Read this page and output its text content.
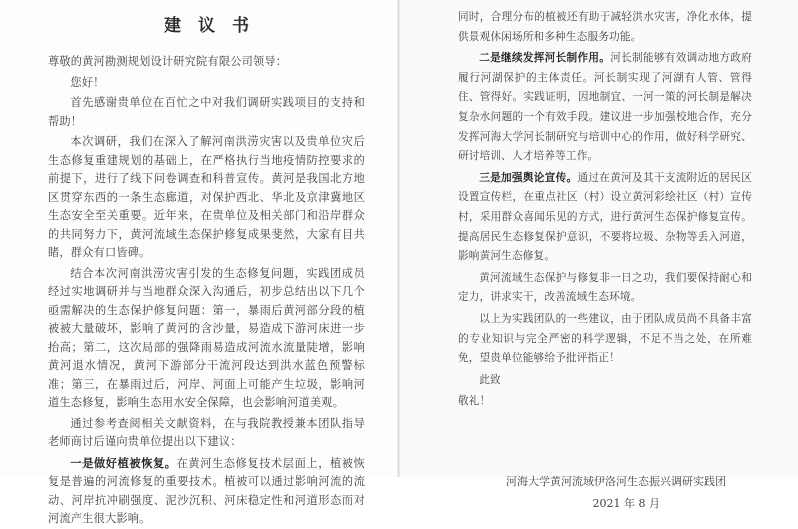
建　议　书

尊敬的黄河勘测规划设计研究院有限公司领导：

您好！

首先感谢贵单位在百忙之中对我们调研实践项目的支持和帮助！

本次调研，我们在深入了解河南洪涝灾害以及贵单位灾后生态修复重建规划的基础上，在严格执行当地疫情防控要求的前提下，进行了线下问卷调查和科普宣传。黄河是我国北方地区贯穿东西的一条生态廊道，对保护西北、华北及京津冀地区生态安全至关重要。近年来，在贵单位及相关部门和沿岸群众的共同努力下，黄河流域生态保护修复成果斐然，大家有目共睹，群众有口皆碑。

结合本次河南洪涝灾害引发的生态修复问题，实践团成员经过实地调研并与当地群众深入沟通后，初步总结出以下几个亟需解决的生态保护修复问题：第一，暴雨后黄河部分段的植被被大量破坏，影响了黄河的含沙量，易造成下游河床进一步抬高；第二，这次局部的强降雨易造成河流水流量陡增，影响黄河退水情况，黄河下游部分干流河段达到洪水蓝色预警标准；第三，在暴雨过后，河岸、河面上可能产生垃圾，影响河道生态修复，影响生态用水安全保障，也会影响河道美观。

通过参考查阅相关文献资料，在与我院教授兼本团队指导老师商讨后谨向贵单位提出以下建议：

一是做好植被恢复。在黄河生态修复技术层面上，植被恢复是普遍的河流修复的重要技术。植被可以通过影响河流的流动、河岸抗冲刷强度、泥沙沉积、河床稳定性和河道形态而对河流产生很大影响。

同时，合理分布的植被还有助于减轻洪水灾害，净化水体，提供景观休闲场所和多种生态服务功能。

二是继续发挥河长制作用。河长制能够有效调动地方政府履行河湖保护的主体责任。河长制实现了河湖有人管、管得住、管得好。实践证明，因地制宜、一河一策的河长制是解决复杂水问题的一个有效手段。建议进一步加强校地合作，充分发挥河海大学河长制研究与培训中心的作用，做好科学研究、研讨培训、人才培养等工作。

三是加强舆论宣传。通过在黄河及其干支流附近的居民区设置宣传栏，在重点社区（村）设立黄河彩绘社区（村）宣传村，采用群众喜闻乐见的方式，进行黄河生态保护修复宣传。提高居民生态修复保护意识，不要将垃圾、杂物等丢入河道，影响黄河生态修复。

黄河流域生态保护与修复非一日之功，我们要保持耐心和定力，讲求实干，改善流域生态环境。

以上为实践团队的一些建议，由于团队成员尚不具备丰富的专业知识与完全严密的科学逻辑，不足不当之处，在所难免，望贵单位能够给予批评指正！

此致

敬礼！

河海大学黄河流域伊洛河生态振兴调研实践团

2021 年 8 月
